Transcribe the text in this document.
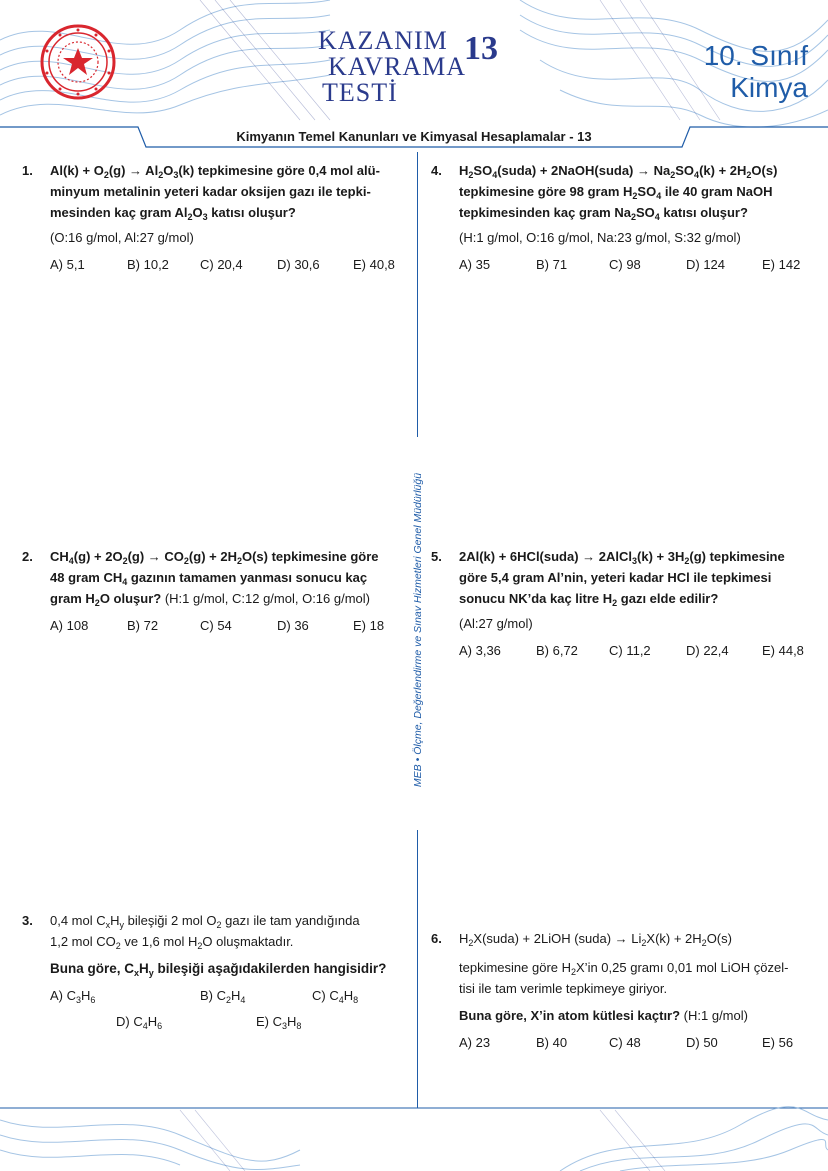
KAZANIM
KAVRAMA
TESTİ
13	10. Sınıf
Kimya
Kimyanın Temel Kanunları ve Kimyasal Hesaplamalar - 13
MEB • Ölçme, Değerlendirme ve Sınav Hizmetleri Genel Müdürlüğü
1. $Al(k) + O_2(g) \to Al_2O_3(k)$ tepkimesine göre 0,4 mol alü-
minyum metalinin yeteri kadar oksijen gazı ile tepki-
mesinden kaç gram $Al_2O_3$ katısı oluşur?
(O:16 g/mol, Al:27 g/mol)
A) 5,1	B) 10,2	C) 20,4	D) 30,6	E) 40,8
2. $CH_4(g) + 2O_2(g) \to CO_2(g) + 2H_2O(s)$ tepkimesine göre
48 gram $CH_4$ gazının tamamen yanması sonucu kaç
gram $H_2O$ oluşur? (H:1 g/mol, C:12 g/mol, O:16 g/mol)
A) 108	B) 72	C) 54	D) 36	E) 18
3. 0,4 mol $C_xH_y$ bileşiği 2 mol $O_2$ gazı ile tam yandığında
1,2 mol $CO_2$ ve 1,6 mol $H_2O$ oluşmaktadır.
Buna göre, $C_xH_y$ bileşiği aşağıdakilerden hangisidir?
A) $C_3H_6$	B) $C_2H_4$	C) $C_4H_8$
D) $C_4H_6$	E) $C_3H_8$
4. $H_2SO_4(suda)$ + 2NaOH(suda) → $Na_2SO_4(k) + 2H_2O(s)$
tepkimesine göre 98 gram $H_2SO_4$ ile 40 gram NaOH
tepkimesinden kaç gram $Na_2SO_4$ katısı oluşur?
(H:1 g/mol, O:16 g/mol, Na:23 g/mol, S:32 g/mol)
A) 35	B) 71	C) 98	D) 124	E) 142
5. 2Al(k) + 6HCl(suda) → 2AlCl$_3$(k) + $3H_2(g)$ tepkimesine
göre 5,4 gram Al’nin, yeteri kadar HCl ile tepkimesi
sonucu NK’da kaç litre $H_2$ gazı elde edilir?
(Al:27 g/mol)
A) 3,36	B) 6,72	C) 11,2	D) 22,4	E) 44,8
6. $H_2X(suda)$ + 2LiOH (suda) → $Li_2X(k) + 2H_2O(s)$
tepkimesine göre $H_2X’in$ 0,25 gramı 0,01 mol LiOH çözel-
tisi ile tam verimle tepkimeye giriyor.
Buna göre, X’in atom kütlesi kaçtır? (H:1 g/mol)
A) 23	B) 40	C) 48	D) 50	E) 56
